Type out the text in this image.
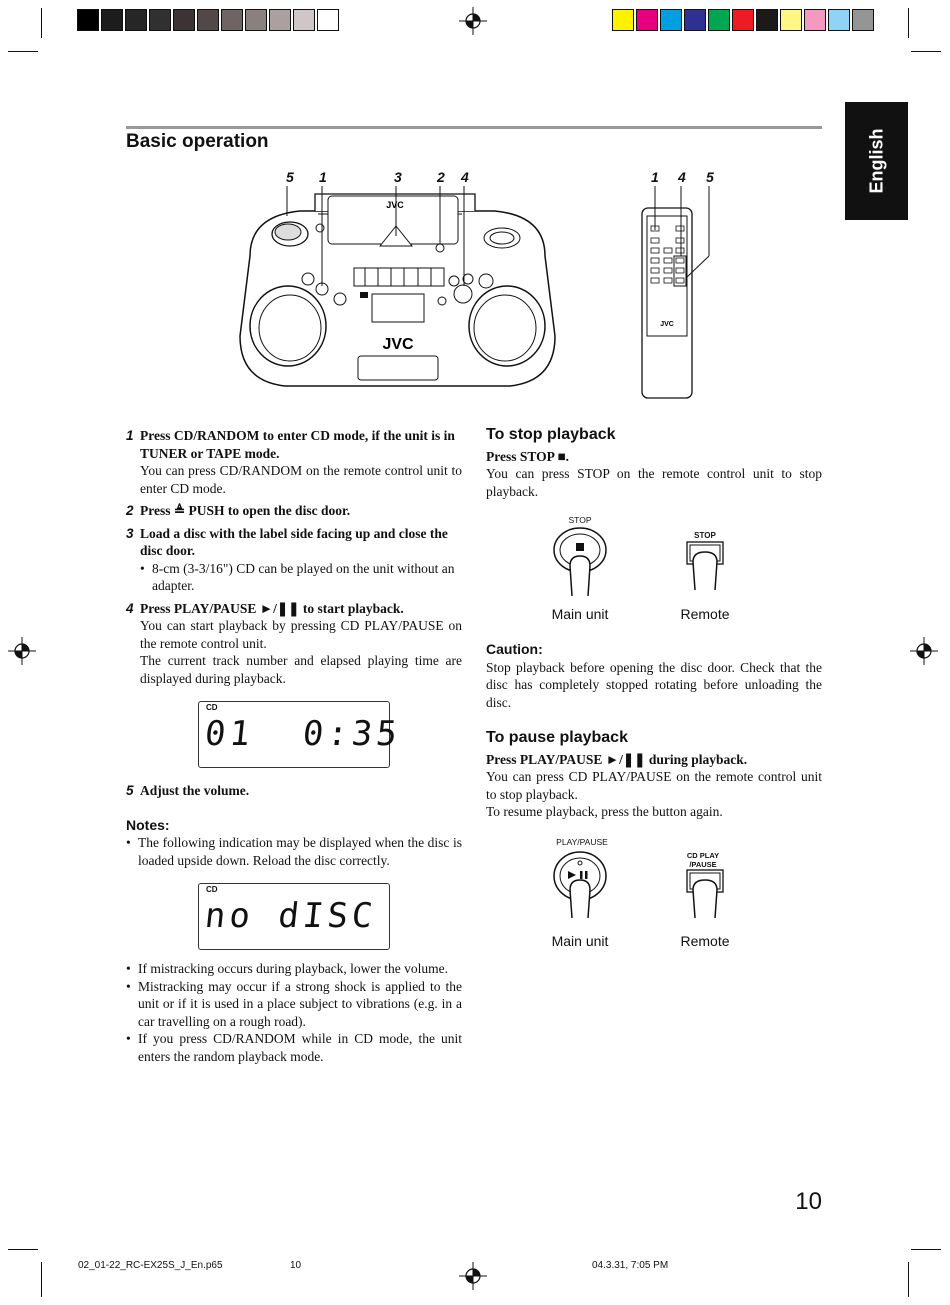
Basic operation	English
5 1	3	2 4	1 4 5
JVC
JVC
JVC
1 Press CD/RANDOM to enter CD mode, if the unit is in TUNER or TAPE mode.
You can press CD/RANDOM on the remote control unit to enter CD mode.
2 Press ≜ PUSH to open the disc door.
3 Load a disc with the label side facing up and close the disc door.
• 8-cm (3-3/16") CD can be played on the unit without an adapter.
4 Press PLAY/PAUSE ►/❚❚ to start playback.
You can start playback by pressing CD PLAY/PAUSE on the remote control unit.
The current track number and elapsed playing time are displayed during playback.
CD
01  0:35
5 Adjust the volume.
Notes:
• The following indication may be displayed when the disc is loaded upside down. Reload the disc correctly.
CD
no dISC
• If mistracking occurs during playback, lower the volume.
• Mistracking may occur if a strong shock is applied to the unit or if it is used in a place subject to vibrations (e.g. in a car travelling on a rough road).
• If you press CD/RANDOM while in CD mode, the unit enters the random playback mode.
To stop playback
Press STOP ■.
You can press STOP on the remote control unit to stop playback.
STOP
STOP
Main unit	Remote
Caution:
Stop playback before opening the disc door. Check that the disc has completely stopped rotating before unloading the disc.
To pause playback
Press PLAY/PAUSE ►/❚❚ during playback.
You can press CD PLAY/PAUSE on the remote control unit to stop playback.
To resume playback, press the button again.
PLAY/PAUSE
CD PLAY /PAUSE
Main unit	Remote
10
02_01-22_RC-EX25S_J_En.p65	10	04.3.31, 7:05 PM
